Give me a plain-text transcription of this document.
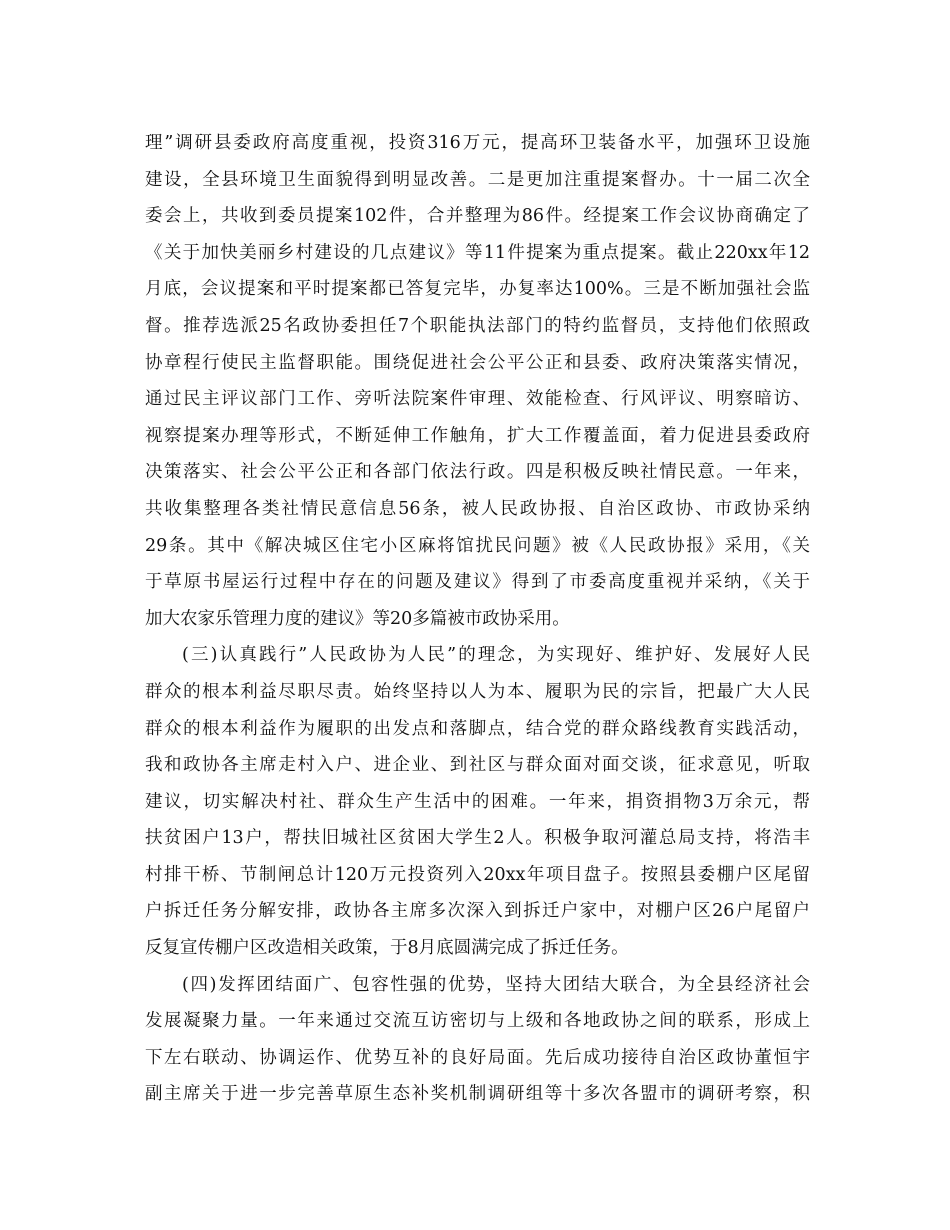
理”调研县委政府高度重视，投资316万元，提高环卫装备水平，加强环卫设施
建设，全县环境卫生面貌得到明显改善。二是更加注重提案督办。十一届二次全
委会上，共收到委员提案102件，合并整理为86件。经提案工作会议协商确定了
《关于加快美丽乡村建设的几点建议》等11件提案为重点提案。截止220xx年12
月底，会议提案和平时提案都已答复完毕，办复率达100%。三是不断加强社会监
督。推荐选派25名政协委担任7个职能执法部门的特约监督员，支持他们依照政
协章程行使民主监督职能。围绕促进社会公平公正和县委、政府决策落实情况，
通过民主评议部门工作、旁听法院案件审理、效能检查、行风评议、明察暗访、
视察提案办理等形式，不断延伸工作触角，扩大工作覆盖面，着力促进县委政府
决策落实、社会公平公正和各部门依法行政。四是积极反映社情民意。一年来，
共收集整理各类社情民意信息56条，被人民政协报、自治区政协、市政协采纳
29条。其中《解决城区住宅小区麻将馆扰民问题》被《人民政协报》采用，《关
于草原书屋运行过程中存在的问题及建议》得到了市委高度重视并采纳，《关于
加大农家乐管理力度的建议》等20多篇被市政协采用。
(三)认真践行”人民政协为人民”的理念，为实现好、维护好、发展好人民
群众的根本利益尽职尽责。始终坚持以人为本、履职为民的宗旨，把最广大人民
群众的根本利益作为履职的出发点和落脚点，结合党的群众路线教育实践活动，
我和政协各主席走村入户、进企业、到社区与群众面对面交谈，征求意见，听取
建议，切实解决村社、群众生产生活中的困难。一年来，捐资捐物3万余元，帮
扶贫困户13户，帮扶旧城社区贫困大学生2人。积极争取河灌总局支持，将浩丰
村排干桥、节制闸总计120万元投资列入20xx年项目盘子。按照县委棚户区尾留
户拆迁任务分解安排，政协各主席多次深入到拆迁户家中，对棚户区26户尾留户
反复宣传棚户区改造相关政策，于8月底圆满完成了拆迁任务。
(四)发挥团结面广、包容性强的优势，坚持大团结大联合，为全县经济社会
发展凝聚力量。一年来通过交流互访密切与上级和各地政协之间的联系，形成上
下左右联动、协调运作、优势互补的良好局面。先后成功接待自治区政协董恒宇
副主席关于进一步完善草原生态补奖机制调研组等十多次各盟市的调研考察，积
